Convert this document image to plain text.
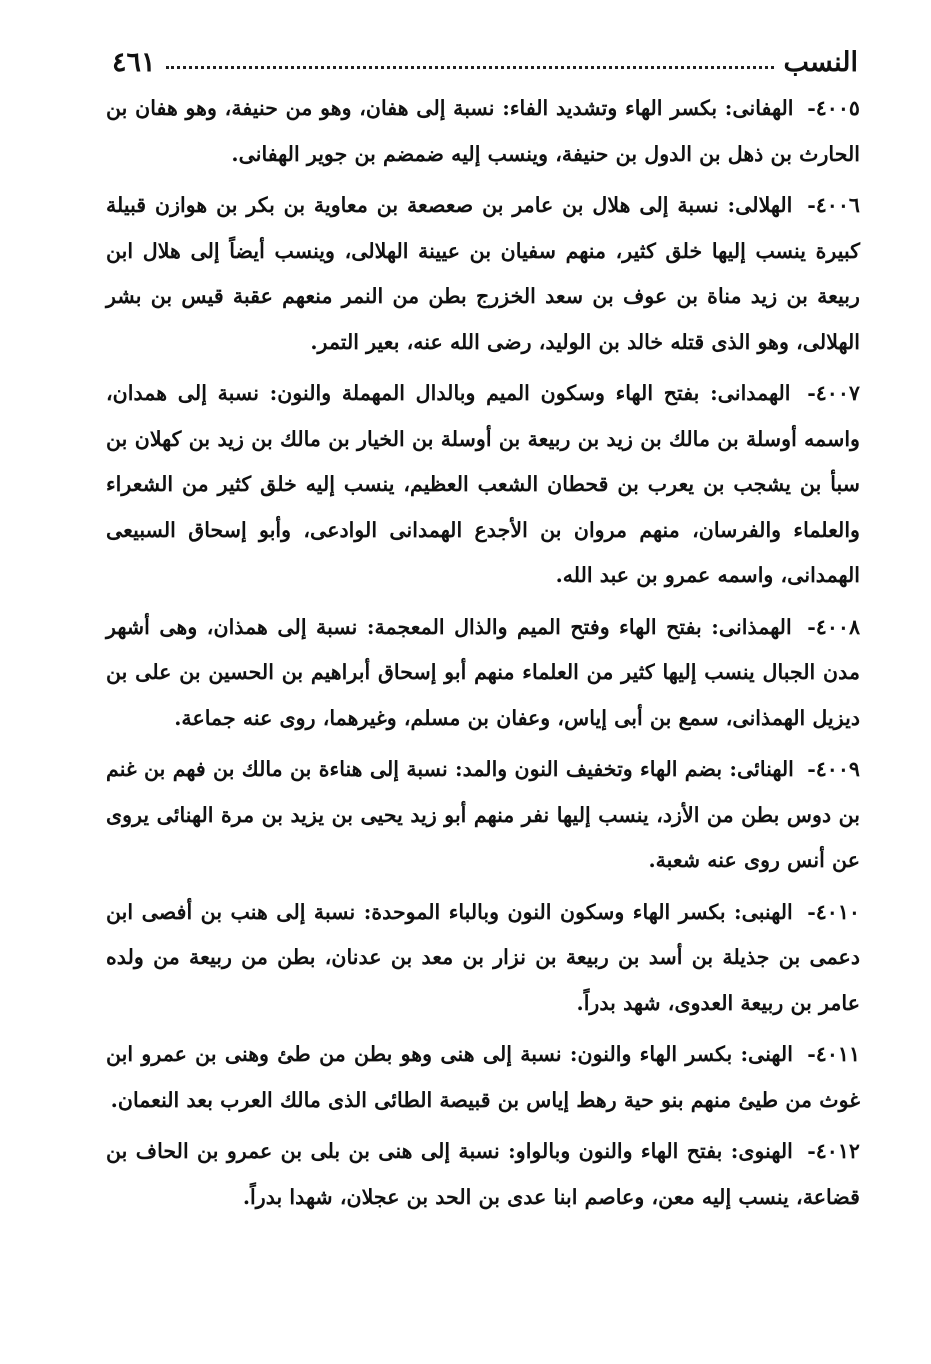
النسب
٤٦١

٤٠٠٥- الهفانى: بكسر الهاء وتشديد الفاء: نسبة إلى هفان، وهو من حنيفة، وهو هفان بن الحارث بن ذهل بن الدول بن حنيفة، وينسب إليه ضمضم بن جوير الهفانى.

٤٠٠٦- الهلالى: نسبة إلى هلال بن عامر بن صعصعة بن معاوية بن بكر بن هوازن قبيلة كبيرة ينسب إليها خلق كثير، منهم سفيان بن عيينة الهلالى، وينسب أيضاً إلى هلال ابن ربيعة بن زيد مناة بن عوف بن سعد الخزرج بطن من النمر منعهم عقبة قيس بن بشر الهلالى، وهو الذى قتله خالد بن الوليد، رضى الله عنه، بعير التمر.

٤٠٠٧- الهمدانى: بفتح الهاء وسكون الميم وبالدال المهملة والنون: نسبة إلى همدان، واسمه أوسلة بن مالك بن زيد بن ربيعة بن أوسلة بن الخيار بن مالك بن زيد بن كهلان بن سبأ بن يشجب بن يعرب بن قحطان الشعب العظيم، ينسب إليه خلق كثير من الشعراء والعلماء والفرسان، منهم مروان بن الأجدع الهمدانى الوادعى، وأبو إسحاق السبيعى الهمدانى، واسمه عمرو بن عبد الله.

٤٠٠٨- الهمذانى: بفتح الهاء وفتح الميم والذال المعجمة: نسبة إلى همذان، وهى أشهر مدن الجبال ينسب إليها كثير من العلماء منهم أبو إسحاق أبراهيم بن الحسين بن على بن ديزيل الهمذانى، سمع بن أبى إياس، وعفان بن مسلم، وغيرهما، روى عنه جماعة.

٤٠٠٩- الهنائى: بضم الهاء وتخفيف النون والمد: نسبة إلى هناءة بن مالك بن فهم بن غنم بن دوس بطن من الأزد، ينسب إليها نفر منهم أبو زيد يحيى بن يزيد بن مرة الهنائى يروى عن أنس روى عنه شعبة.

٤٠١٠- الهنبى: بكسر الهاء وسكون النون وبالباء الموحدة: نسبة إلى هنب بن أفصى ابن دعمى بن جذيلة بن أسد بن ربيعة بن نزار بن معد بن عدنان، بطن من ربيعة من ولده عامر بن ربيعة العدوى، شهد بدراً.

٤٠١١- الهنى: بكسر الهاء والنون: نسبة إلى هنى وهو بطن من طئ وهنى بن عمرو ابن غوث من طيئ منهم بنو حية رهط إياس بن قبيصة الطائى الذى مالك العرب بعد النعمان.

٤٠١٢- الهنوى: بفتح الهاء والنون وبالواو: نسبة إلى هنى بن بلى بن عمرو بن الحاف بن قضاعة، ينسب إليه معن، وعاصم ابنا عدى بن الحد بن عجلان، شهدا بدراً.
